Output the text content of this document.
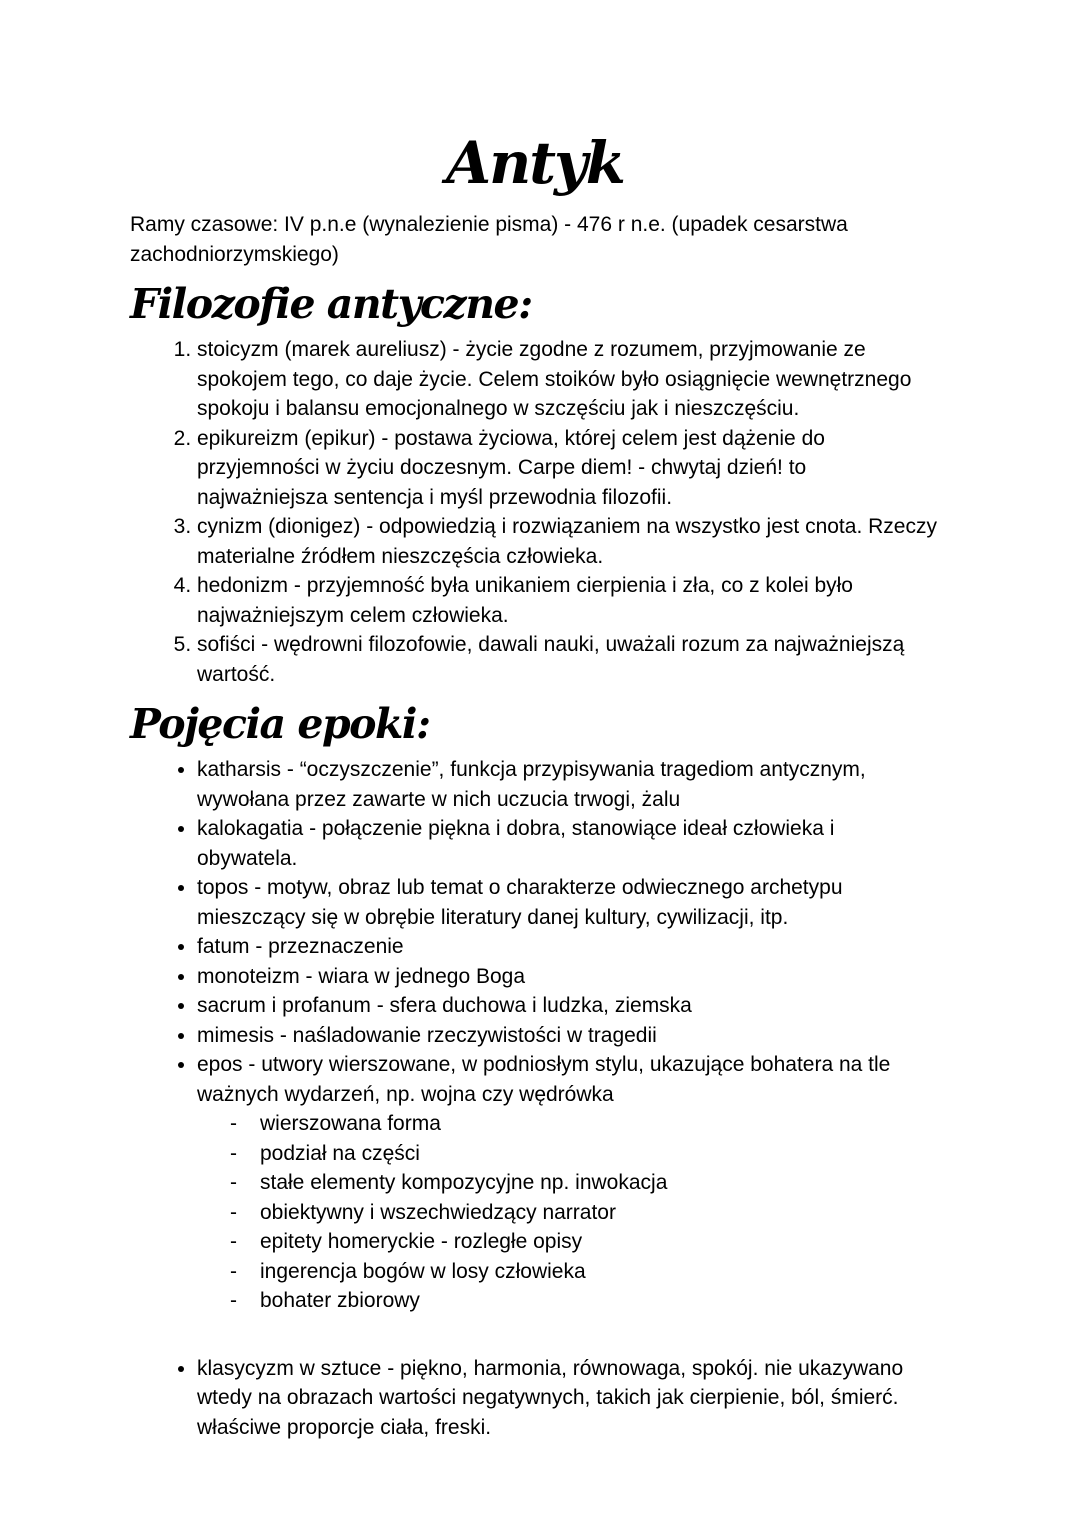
Antyk

Ramy czasowe: IV p.n.e (wynalezienie pisma) - 476 r n.e. (upadek cesarstwa zachodniorzymskiego)

Filozofie antyczne:
1. stoicyzm (marek aureliusz) - życie zgodne z rozumem, przyjmowanie ze spokojem tego, co daje życie. Celem stoików było osiągnięcie wewnętrznego spokoju i balansu emocjonalnego w szczęściu jak i nieszczęściu.
2. epikureizm (epikur) - postawa życiowa, której celem jest dążenie do przyjemności w życiu doczesnym. Carpe diem! - chwytaj dzień! to najważniejsza sentencja i myśl przewodnia filozofii.
3. cynizm (dionigez) - odpowiedzią i rozwiązaniem na wszystko jest cnota. Rzeczy materialne źródłem nieszczęścia człowieka.
4. hedonizm - przyjemność była unikaniem cierpienia i zła, co z kolei było najważniejszym celem człowieka.
5. sofiści - wędrowni filozofowie, dawali nauki, uważali rozum za najważniejszą wartość.
Pojęcia epoki:
• katharsis - “oczyszczenie”, funkcja przypisywania tragediom antycznym, wywołana przez zawarte w nich uczucia trwogi, żalu
• kalokagatia - połączenie piękna i dobra, stanowiące ideał człowieka i obywatela.
• topos - motyw, obraz lub temat o charakterze odwiecznego archetypu mieszczący się w obrębie literatury danej kultury, cywilizacji, itp.
• fatum - przeznaczenie
• monoteizm - wiara w jednego Boga
• sacrum i profanum - sfera duchowa i ludzka, ziemska
• mimesis - naśladowanie rzeczywistości w tragedii
• epos - utwory wierszowane, w podniosłym stylu, ukazujące bohatera na tle ważnych wydarzeń, np. wojna czy wędrówka
- wierszowana forma
- podział na części
- stałe elementy kompozycyjne np. inwokacja
- obiektywny i wszechwiedzący narrator
- epitety homeryckie - rozległe opisy
- ingerencja bogów w losy człowieka
- bohater zbiorowy
• klasycyzm w sztuce - piękno, harmonia, równowaga, spokój. nie ukazywano wtedy na obrazach wartości negatywnych, takich jak cierpienie, ból, śmierć. właściwe proporcje ciała, freski.
